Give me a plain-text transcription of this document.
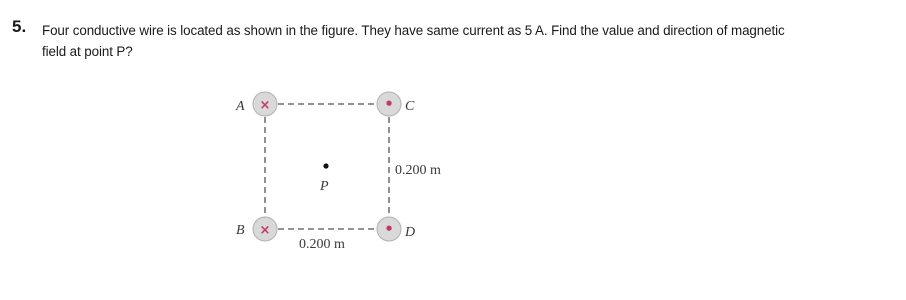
5. Four conductive wire is located as shown in the figure. They have same current as 5 A. Find the value and direction of magnetic
field at point P?
×
A	• C
×
B	• D
P
0.200 m
0.200 m
